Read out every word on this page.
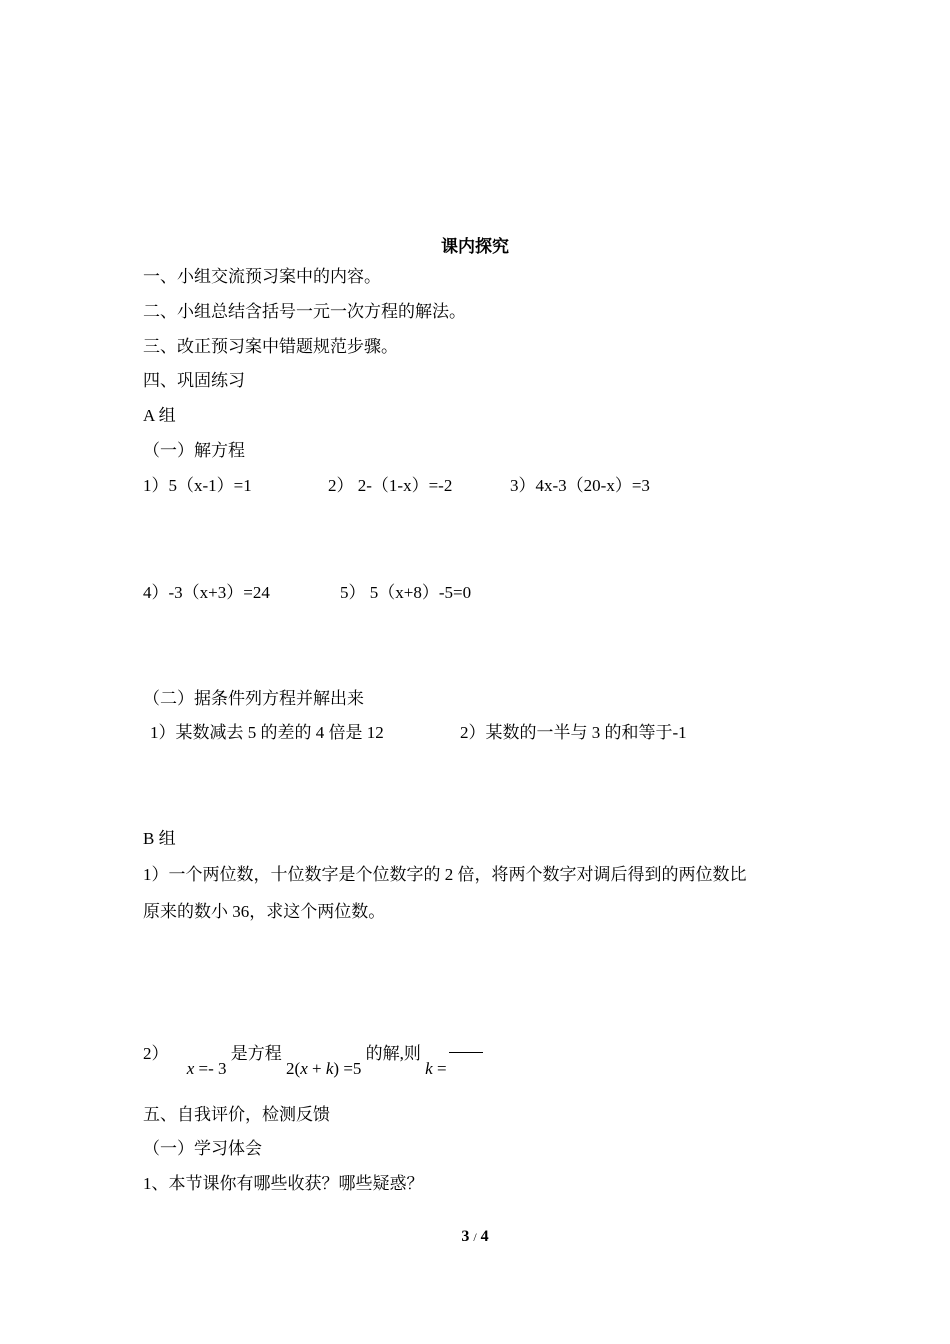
课内探究
一、小组交流预习案中的内容。
二、小组总结含括号一元一次方程的解法。
三、改正预习案中错题规范步骤。
四、巩固练习
A 组
（一）解方程
1）5（x-1）=1	2） 2-（1-x）=-2	3）4x-3（20-x）=3
4）-3（x+3）=24	5） 5（x+8）-5=0
（二）据条件列方程并解出来
1）某数减去 5 的差的 4 倍是 12	2）某数的一半与 3 的和等于-1
B 组
1）一个两位数，十位数字是个位数字的 2 倍，将两个数字对调后得到的两位数比
原来的数小 36，求这个两位数。
2） x =- 3 是方程 2(x + k) =5 的解,则 k =
五、自我评价，检测反馈
（一）学习体会
1、本节课你有哪些收获？哪些疑惑？
3 / 4
